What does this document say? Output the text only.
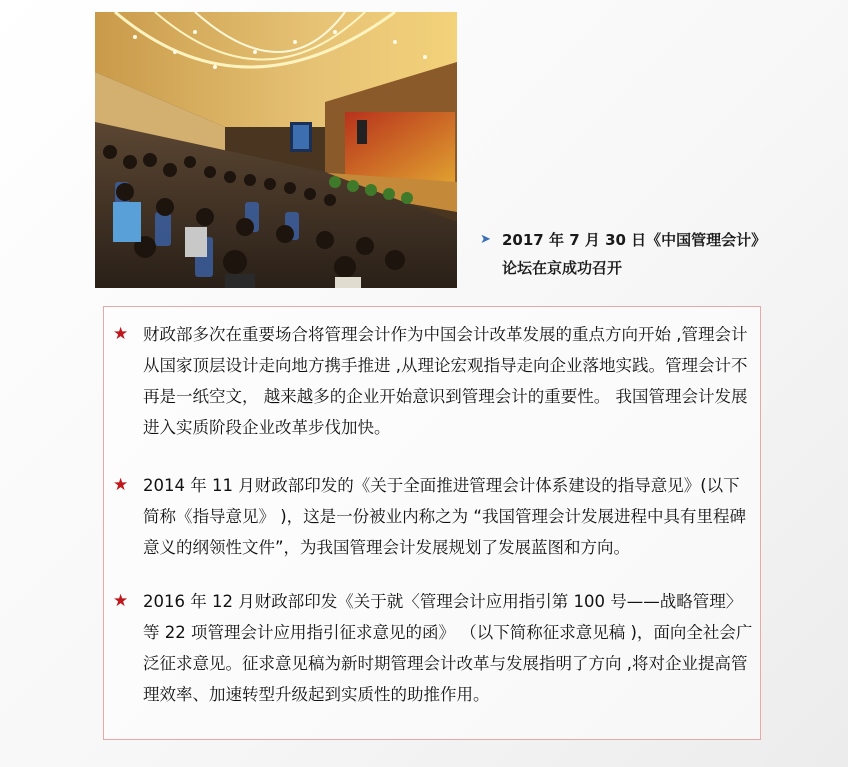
➤ 2017 年 7 月 30 日《中国管理会计》 论坛在京成功召开
★ 财政部多次在重要场合将管理会计作为中国会计改革发展的重点方向开始 ,管理会计从国家顶层设计走向地方携手推进 ,从理论宏观指导走向企业落地实践。管理会计不再是一纸空文， 越来越多的企业开始意识到管理会计的重要性。 我国管理会计发展进入实质阶段企业改革步伐加快。
★ 2014 年 11 月财政部印发的《关于全面推进管理会计体系建设的指导意见》(以下简称《指导意见》 )，这是一份被业内称之为 “我国管理会计发展进程中具有里程碑意义的纲领性文件”，为我国管理会计发展规划了发展蓝图和方向。
★ 2016 年 12 月财政部印发《关于就〈管理会计应用指引第 100 号——战略管理〉等 22 项管理会计应用指引征求意见的函》 （以下简称征求意见稿 )，面向全社会广泛征求意见。征求意见稿为新时期管理会计改革与发展指明了方向 ,将对企业提高管理效率、加速转型升级起到实质性的助推作用。
